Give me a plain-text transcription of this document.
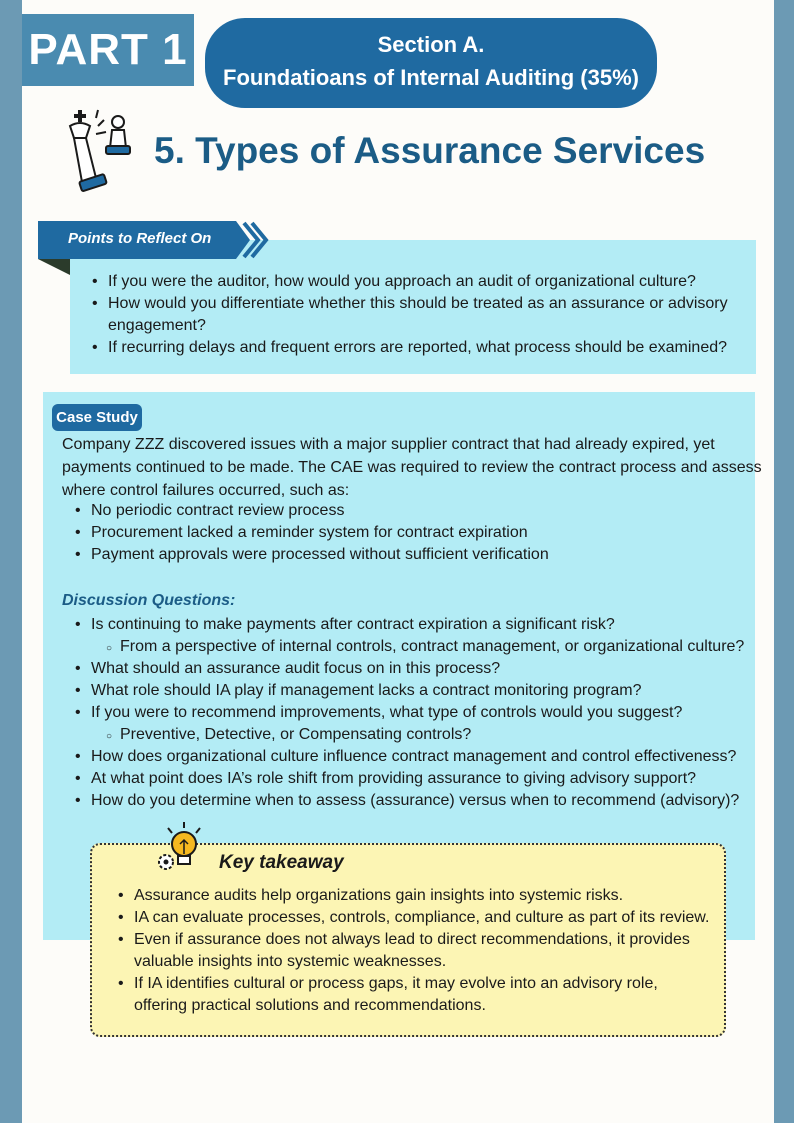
PART 1	Section A.
Foundatioans of Internal Auditing (35%)
5. Types of Assurance Services
Points to Reflect On
• If you were the auditor, how would you approach an audit of organizational culture?
• How would you differentiate whether this should be treated as an assurance or advisory engagement?
• If recurring delays and frequent errors are reported, what process should be examined?
Case Study
Company ZZZ discovered issues with a major supplier contract that had already expired, yet payments continued to be made. The CAE was required to review the contract process and assess where control failures occurred, such as:
• No periodic contract review process
• Procurement lacked a reminder system for contract expiration
• Payment approvals were processed without sufficient verification
Discussion Questions:
• Is continuing to make payments after contract expiration a significant risk?
○ From a perspective of internal controls, contract management, or organizational culture?
• What should an assurance audit focus on in this process?
• What role should IA play if management lacks a contract monitoring program?
• If you were to recommend improvements, what type of controls would you suggest?
○ Preventive, Detective, or Compensating controls?
• How does organizational culture influence contract management and control effectiveness?
• At what point does IA’s role shift from providing assurance to giving advisory support?
• How do you determine when to assess (assurance) versus when to recommend (advisory)?
Key takeaway
• Assurance audits help organizations gain insights into systemic risks.
• IA can evaluate processes, controls, compliance, and culture as part of its review.
• Even if assurance does not always lead to direct recommendations, it provides valuable insights into systemic weaknesses.
• If IA identifies cultural or process gaps, it may evolve into an advisory role, offering practical solutions and recommendations.
